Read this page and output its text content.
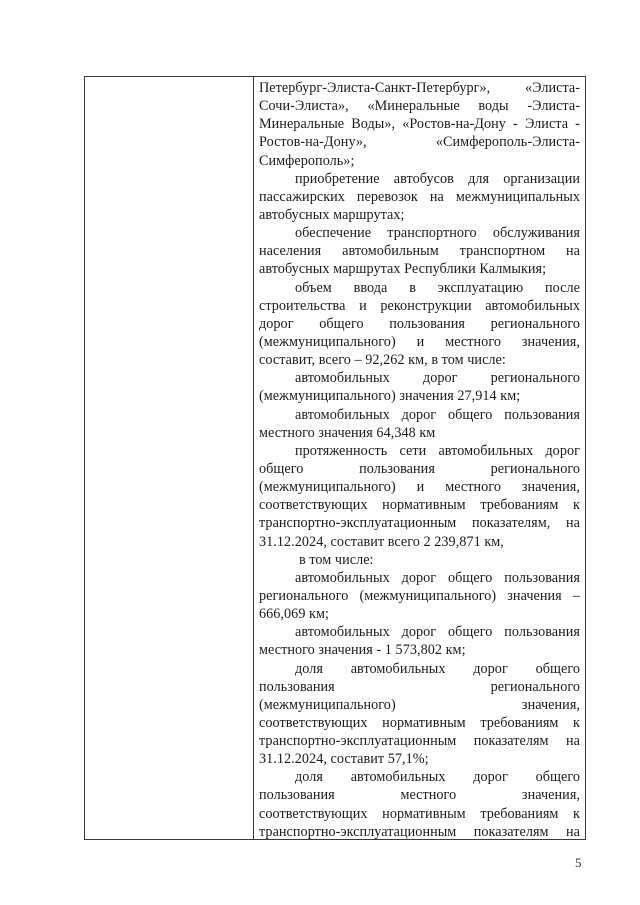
Петербург-Элиста-Санкт-Петербург», «Элиста-
Сочи-Элиста», «Минеральные воды -Элиста-
Минеральные Воды», «Ростов-на-Дону - Элиста -
Ростов-на-Дону»,	«Симферополь-Элиста-
Симферополь»;
приобретение автобусов для организации
пассажирских перевозок на межмуниципальных
автобусных маршрутах;
обеспечение транспортного обслуживания
населения автомобильным транспортном на
автобусных маршрутах Республики Калмыкия;
объем ввода в эксплуатацию после
строительства и реконструкции автомобильных
дорог общего пользования регионального
(межмуниципального) и местного значения,
составит, всего – 92,262 км, в том числе:
автомобильных дорог регионального
(межмуниципального) значения 27,914 км;
автомобильных дорог общего пользования
местного значения 64,348 км
протяженность сети автомобильных дорог
общего	пользования	регионального
(межмуниципального) и местного значения,
соответствующих нормативным требованиям к
транспортно-эксплуатационным показателям, на
31.12.2024, составит всего 2 239,871 км,
в том числе:
автомобильных дорог общего пользования
регионального (межмуниципального) значения –
666,069 км;
автомобильных дорог общего пользования
местного значения - 1 573,802 км;
доля автомобильных дорог общего
пользования	регионального
(межмуниципального)	значения,
соответствующих нормативным требованиям к
транспортно-эксплуатационным показателям на
31.12.2024, составит 57,1%;
доля автомобильных дорог общего
пользования	местного	значения,
соответствующих нормативным требованиям к
транспортно-эксплуатационным показателям на
5
